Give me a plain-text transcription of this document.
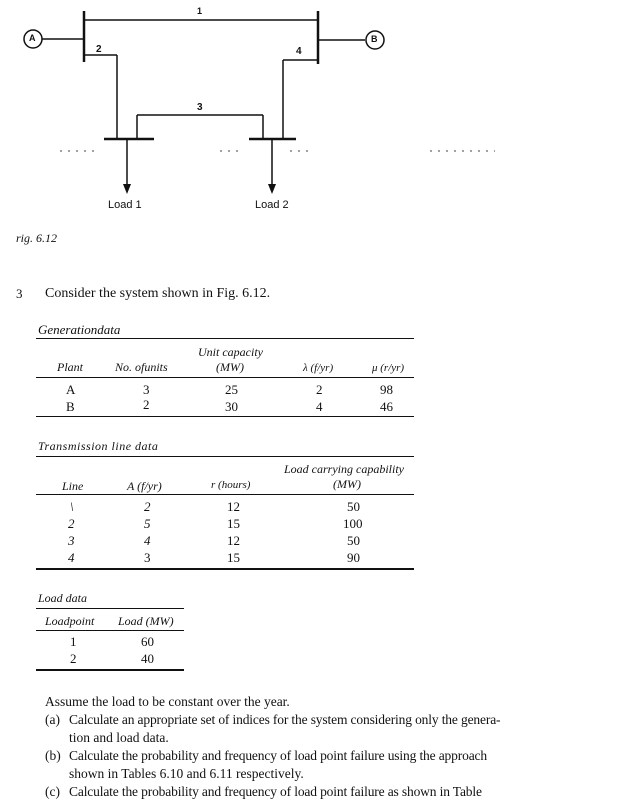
A	B
1
2
3
4
Load 1	Load 2
rig. 6.12
3 Consider the system shown in Fig. 6.12.
Generationdata
Unit capacity
Plant	No. ofunits	(MW)	λ (f/yr)	μ (r/yr)
A	3	25	2	98
B	2	30	4	46
Transmission line data
Load carrying capability
Line	A (f/yr)	r (hours)	(MW)
\	2	12	50
2	5	15	100
3	4	12	50
4	3	15	90
Load data
Loadpoint Load (MW)
1	60
2	40
Assume the load to be constant over the year.
(a) Calculate an appropriate set of indices for the system considering only the genera-
tion and load data.
(b) Calculate the probability and frequency of load point failure using the approach
shown in Tables 6.10 and 6.11 respectively.
(c) Calculate the probability and frequency of load point failure as shown in Table
